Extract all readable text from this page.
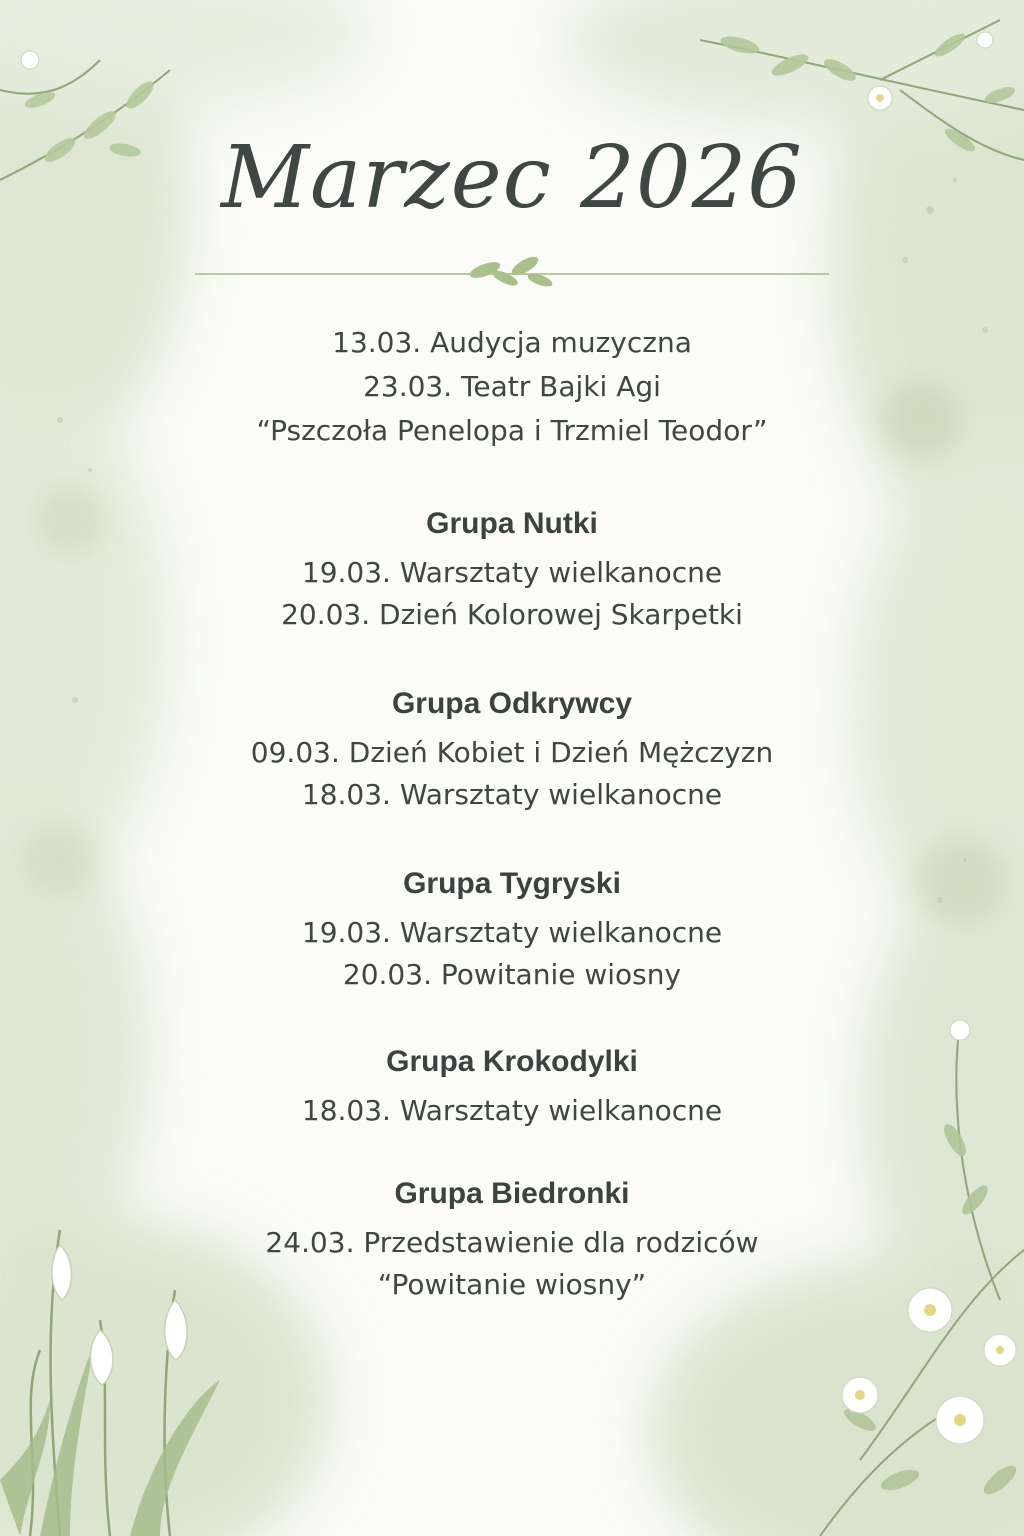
Marzec 2026
13.03. Audycja muzyczna
23.03. Teatr Bajki Agi
“Pszczoła Penelopa i Trzmiel Teodor”
Grupa Nutki
19.03. Warsztaty wielkanocne
20.03. Dzień Kolorowej Skarpetki
Grupa Odkrywcy
09.03. Dzień Kobiet i Dzień Mężczyzn
18.03. Warsztaty wielkanocne
Grupa Tygryski
19.03. Warsztaty wielkanocne
20.03. Powitanie wiosny
Grupa Krokodylki
18.03. Warsztaty wielkanocne
Grupa Biedronki
24.03. Przedstawienie dla rodziców
“Powitanie wiosny”
